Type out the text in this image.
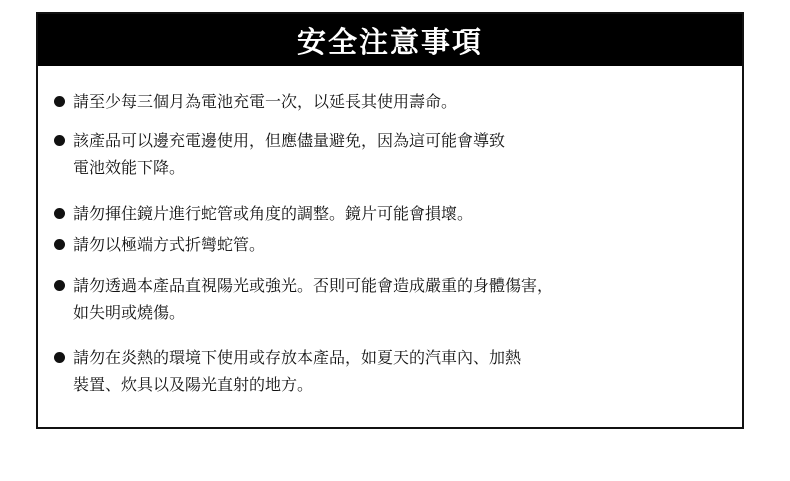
安全注意事項
請至少每三個月為電池充電一次，以延長其使用壽命。
該產品可以邊充電邊使用，但應儘量避免，因為這可能會導致
電池效能下降。
請勿揮住鏡片進行蛇管或角度的調整。鏡片可能會損壞。
請勿以極端方式折彎蛇管。
請勿透過本產品直視陽光或強光。否則可能會造成嚴重的身體傷害，
如失明或燒傷。
請勿在炎熱的環境下使用或存放本產品，如夏天的汽車內、加熱
裝置、炊具以及陽光直射的地方。
